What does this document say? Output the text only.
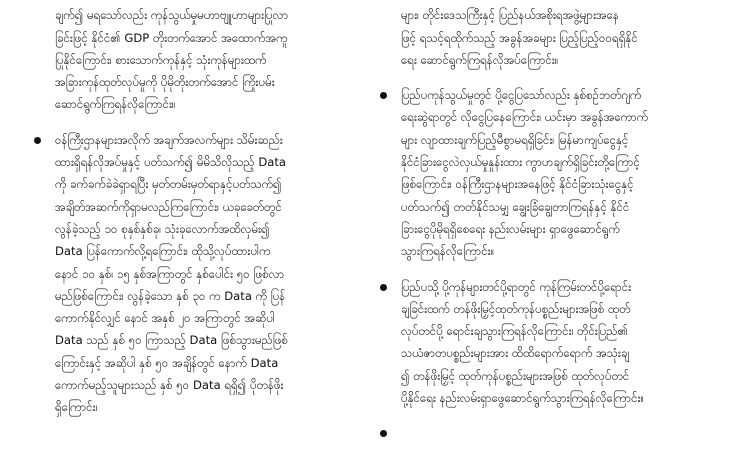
ချက်၍ မရသော်လည်း ကုန်သွယ်မှုမဟာဗျူဟာများပြုလာ
ခြင်းဖြင့် နိုင်ငံ၏ GDP တိုးတက်အောင် အထောက်အကူ
ပြုနိုင်ကြောင်း၊ စားသောက်ကုန်နှင့် သုံးကုန်များထက်
အခြားကုန်ထုတ်လုပ်မှုကို ပိုမိုတိုးတက်အောင် ကြိုးပမ်း
ဆောင်ရွက်ကြရန်လိုကြောင်း။
ဝန်ကြီးဌာနများအလိုက် အချက်အလက်များ သိမ်းဆည်း
ထားရှိရန်လိုအပ်မှုနှင့် ပတ်သက်၍ မိမိသိလိုသည့် Data
ကို ခက်ခက်ခဲခဲရှာရပြီး မှတ်တမ်းမှတ်ရာနှင့်ပတ်သက်၍
အချိတ်အဆက်ကိုရှာမလည်ကြကြောင်း၊ ယခုခေတ်တွင်
လွန်ခဲ့သည့် ၁၀ စုနှစ်နှစ်ခု၊ သုံးခုလောက်အထိလှမ်း၍
Data ပြန်ကောက်လို့ရကြောင်း၊ ထိုသို့လုပ်ထားပါက
နောင် ၁၀ နှစ်၊ ၁၅ နှစ်အကြာတွင် နှစ်ပေါင်း ၅၀ ဖြစ်လာ
မည်ဖြစ်ကြောင်း၊ လွန်ခဲ့သော နှစ် ၃၀ က Data ကို ပြန်
ကောက်နိုင်လျှင် နောင် အနှစ် ၂၀ အကြာတွင် အဆိုပါ
Data သည် နှစ် ၅၀ ကြာသည့် Data ဖြစ်သွားမည်ဖြစ်
ကြောင်းနှင့် အဆိုပါ နှစ် ၅၀ အချိန်တွင် နောက် Data
ကောက်မည့်သူများသည် နှစ် ၅၀ Data ရရှိ၍ ပိုတန်ဖိုး
ရှိကြောင်း၊

များ၊ တိုင်းဒေသကြီးနှင့် ပြည်နယ်အစိုးရအဖွဲ့များအနေ
ဖြင့် ရသင့်ရထိုက်သည့် အခွန်အခများ ပြည့်ပြည့်ဝဝရရှိနိုင်
ရေး ဆောင်ရွက်ကြရန်လိုအပ်ကြောင်း။
ပြည်ပကုန်သွယ်မှုတွင် ပို့ငွေပြသော်လည်း နှစ်စဉ်ဘတ်ဂျက်
ရေးဆွဲရာတွင် လိုငွေပြနေကြောင်း၊ ယင်းမှာ အခွန်အကောက်
များ လျာထားချက်ပြည့်မီစွာမရရှိခြင်း၊ မြန်မာကျပ်ငွေနှင့်
နိုင်ငံခြားငွေလဲလှယ်မှုနှုန်းထား ကွာဟချက်ရှိခြင်းတို့ကြောင့်
ဖြစ်ကြောင်း၊ ဝန်ကြီးဌာနများအနေဖြင့် နိုင်ငံခြားသုံးငွေနှင့်
ပတ်သက်၍ တတ်နိုင်သမျှ ချွေးခြံချွေတာကြရန်နှင့် နိုင်ငံ
ခြားငွေပိုမိုရရှိစေရေး နည်းလမ်းများ ရှာဖွေဆောင်ရွက်
သွားကြရန်လိုကြောင်း။
ပြည်ပသို့ ပို့ကုန်များတင်ပို့ရာတွင် ကုန်ကြမ်းတင်ပို့ရောင်း
ချခြင်းထက် တန်ဖိုးမြှင့်ထုတ်ကုန်ပစ္စည်းများအဖြစ် ထုတ်
လုပ်တင်ပို့ ရောင်းချသွားကြရန်လိုကြောင်း၊ တိုင်းပြည်၏
သယံဇာတပစ္စည်းများအား ထိထိရောက်ရောက် အသုံးချ
၍ တန်ဖိုးမြှင့် ထုတ်ကုန်ပစ္စည်းများအဖြစ် ထုတ်လုပ်တင်
ပို့နိုင်ရေး နည်းလမ်းရှာဖွေဆောင်ရွက်သွားကြရန်လိုကြောင်း။
